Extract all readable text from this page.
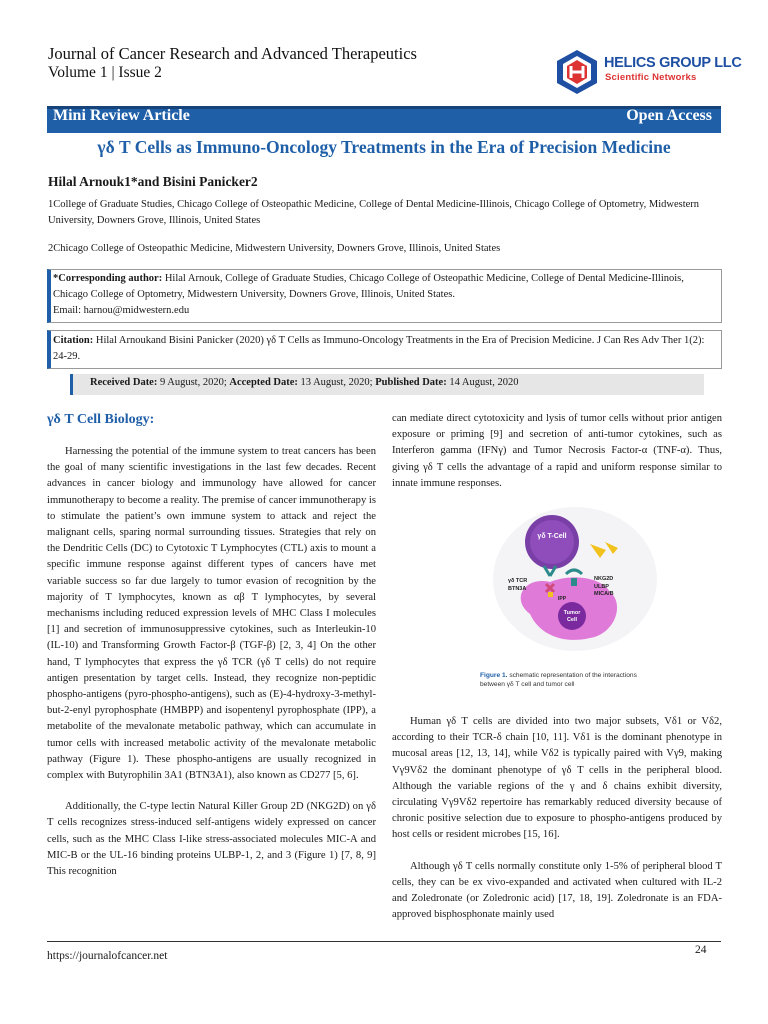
Journal of Cancer Research and Advanced Therapeutics
Volume 1 | Issue 2
HELICS GROUP LLC
Scientific Networks
Mini Review Article	Open Access
γδ T Cells as Immuno-Oncology Treatments in the Era of Precision Medicine
Hilal Arnouk1*and Bisini Panicker2
1College of Graduate Studies, Chicago College of Osteopathic Medicine, College of Dental Medicine-Illinois, Chicago College of Optometry, Midwestern University, Downers Grove, Illinois, United States
2Chicago College of Osteopathic Medicine, Midwestern University, Downers Grove, Illinois, United States
*Corresponding author: Hilal Arnouk, College of Graduate Studies, Chicago College of Osteopathic Medicine, College of Dental Medicine-Illinois, Chicago College of Optometry, Midwestern University, Downers Grove, Illinois, United States.
Email: harnou@midwestern.edu
Citation: Hilal Arnoukand Bisini Panicker (2020) γδ T Cells as Immuno-Oncology Treatments in the Era of Precision Medicine. J Can Res Adv Ther 1(2): 24-29.
Received Date: 9 August, 2020; Accepted Date: 13 August, 2020; Published Date: 14 August, 2020
γδ T Cell Biology:

Harnessing the potential of the immune system to treat cancers has been the goal of many scientific investigations in the last few decades. Recent advances in cancer biology and immunology have allowed for cancer immunotherapy to become a reality. The premise of cancer immunotherapy is to stimulate the patient’s own immune system to attack and reject the malignant cells, sparing normal surrounding tissues. Strategies that rely on the Dendritic Cells (DC) to Cytotoxic T Lymphocytes (CTL) axis to mount a specific immune response against different types of cancers have met variable success so far due largely to tumor evasion of recognition by the majority of T lymphocytes, known as αβ T lymphocytes, by several mechanisms including reduced expression levels of MHC Class I molecules [1] and secretion of immunosuppressive cytokines, such as Interleukin-10 (IL-10) and Transforming Growth Factor-β (TGF-β) [2, 3, 4] On the other hand, T lymphocytes that express the γδ TCR (γδ T cells) do not require antigen presentation by target cells. Instead, they recognize non-peptidic phospho-antigens (pyro-phospho-antigens), such as (E)-4-hydroxy-3-methyl-but-2-enyl pyrophosphate (HMBPP) and isopentenyl pyrophosphate (IPP), a metabolite of the mevalonate metabolic pathway, which can accumulate in tumor cells with increased metabolic activity of the mevalonate metabolic pathway (Figure 1). These phospho-antigens are usually recognized in complex with Butyrophilin 3A1 (BTN3A1), also known as CD277 [5, 6].

Additionally, the C-type lectin Natural Killer Group 2D (NKG2D) on γδ T cells recognizes stress-induced self-antigens widely expressed on cancer cells, such as the MHC Class I-like stress-associated molecules MIC-A and MIC-B or the UL-16 binding proteins ULBP-1, 2, and 3 (Figure 1) [7, 8, 9] This recognition

can mediate direct cytotoxicity and lysis of tumor cells without prior antigen exposure or priming [9] and secretion of anti-tumor cytokines, such as Interferon gamma (IFNγ) and Tumor Necrosis Factor-α (TNF-α). Thus, giving γδ T cells the advantage of a rapid and uniform response similar to innate immune responses.

γδ T-Cell
Tumor
Cell
γδ TCR
BTN3A
IPP
NKG2D
ULBP
MICA/B
Figure 1. schematic representation of the interactions between γδ T cell and tumor cell

Human γδ T cells are divided into two major subsets, Vδ1 or Vδ2, according to their TCR-δ chain [10, 11]. Vδ1 is the dominant phenotype in mucosal areas [12, 13, 14], while Vδ2 is typically paired with Vγ9, making Vγ9Vδ2 the dominant phenotype of γδ T cells in the peripheral blood. Although the variable regions of the γ and δ chains exhibit diversity, circulating Vγ9Vδ2 repertoire has remarkably reduced diversity because of chronic positive selection due to exposure to phospho-antigens produced by host cells or resident microbes [15, 16].

Although γδ T cells normally constitute only 1-5% of peripheral blood T cells, they can be ex vivo-expanded and activated when cultured with IL-2 and Zoledronate (or Zoledronic acid) [17, 18, 19]. Zoledronate is an FDA-approved bisphosphonate mainly used

https://journalofcancer.net	24
